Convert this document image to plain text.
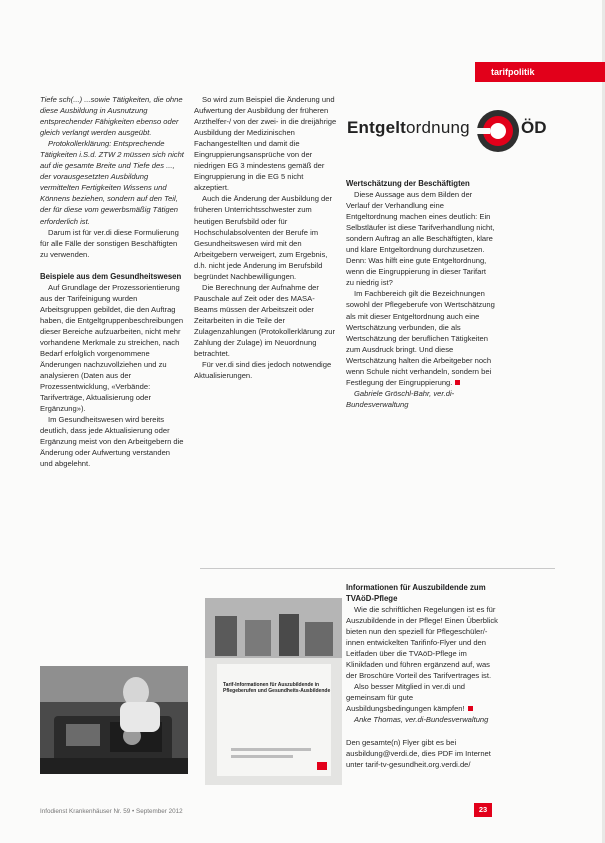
tarifpolitik
Entgeltordnung	ÖD

Tiefe sch(...) ...sowie Tätigkeiten, die ohne diese Ausbildung in Ausnutzung entsprechender Fähigkeiten ebenso oder gleich verlangt werden ausgeübt.

Protokollerklärung: Entsprechende Tätigkeiten i.S.d. ZTW 2 müssen sich nicht auf die gesamte Breite und Tiefe des ..., der vorausgesetzten Ausbildung vermittelten Fertigkeiten Wissens und Könnens beziehen, sondern auf den Teil, der für diese vom gewerbsmäßig Tätigen erforderlich ist.

Darum ist für ver.di diese Formulierung für alle Fälle der sonstigen Beschäftigten zu verwenden.

Beispiele aus dem Gesundheitswesen

Auf Grundlage der Prozessorientierung aus der Tarifeinigung wurden Arbeitsgruppen gebildet, die den Auftrag haben, die Entgeltgruppenbeschreibungen dieser Bereiche aufzuarbeiten, nicht mehr vorhandene Merkmale zu streichen, nach Bedarf erfolglich vorgenommene Änderungen nachzuvollziehen und zu analysieren (Daten aus der Prozessentwicklung, «Verbände: Tarifverträge, Aktualisierung oder Ergänzung»).

Im Gesundheitswesen wird bereits deutlich, dass jede Aktualisierung oder Ergänzung meist von den Arbeitgebern die Änderung oder Aufwertung verstanden und abgelehnt.

So wird zum Beispiel die Änderung und Aufwertung der Ausbildung der früheren Arzthelfer-/ von der zwei- in die dreijährige Ausbildung der Medizinischen Fachangestellten und damit die Eingruppierungsansprüche von der niedrigen EG 3 mindestens gemäß der Eingruppierung in die EG 5 nicht akzeptiert.

Auch die Änderung der Ausbildung der früheren Unterrichtsschwester zum heutigen Berufsbild oder für Hochschulabsolventen der Berufe im Gesundheitswesen wird mit den Arbeitgebern verweigert, zum Ergebnis, d.h. nicht jede Änderung im Berufsbild begründet Nachbewilligungen.

Die Berechnung der Aufnahme der Pauschale auf Zeit oder des MASA-Beams müssen der Arbeitszeit oder Zeitarbeiten in die Teile der Zulagenzahlungen (Protokollerklärung zur Zahlung der Zulage) im Neuordnung betrachtet.

Für ver.di sind dies jedoch notwendige Aktualisierungen.

Wertschätzung der Beschäftigten

Diese Aussage aus dem Bilden der Verlauf der Verhandlung eine Entgeltordnung machen eines deutlich: Ein Selbstläufer ist diese Tarifverhandlung nicht, sondern Auftrag an alle Beschäftigten, klare und klare Entgeltordnung durchzusetzen. Denn: Was hilft eine gute Entgeltordnung, wenn die Eingruppierung in dieser Tarifart zu niedrig ist?

Im Fachbereich gilt die Bezeichnungen sowohl der Pflegeberufe von Wertschätzung als mit dieser Entgeltordnung auch eine Wertschätzung verbunden, die als Wertschätzung der beruflichen Tätigkeiten zum Ausdruck bringt. Und diese Wertschätzung halten die Arbeitgeber noch wenn Schule nicht verhandeln, sondern bei Festlegung der Eingruppierung.

Gabriele Gröschl-Bahr, ver.di-Bundesverwaltung

Informationen für Auszubildende zum TVAöD-Pflege

Wie die schriftlichen Regelungen ist es für Auszubildende in der Pflege! Einen Überblick bieten nun den speziell für Pflegeschüler/-innen entwickelten Tarifinfo-Flyer und den Leitfaden über die TVAöD-Pflege im Klinikfaden und führen ergänzend auf, was der Broschüre Vorteil des Tarifvertrages ist.

Also besser Mitglied in ver.di und gemeinsam für gute Ausbildungsbedingungen kämpfen!

Anke Thomas, ver.di-Bundesverwaltung

Den gesamte(n) Flyer gibt es bei ausbildung@verdi.de, dies PDF im Internet unter tarif-tv-gesundheit.org.verdi.de/

Tarif-Informationen für Auszubildende in Pflegeberufen und Gesundheits-Ausbildende
Infodienst Krankenhäuser Nr. 59 • September 2012	23
